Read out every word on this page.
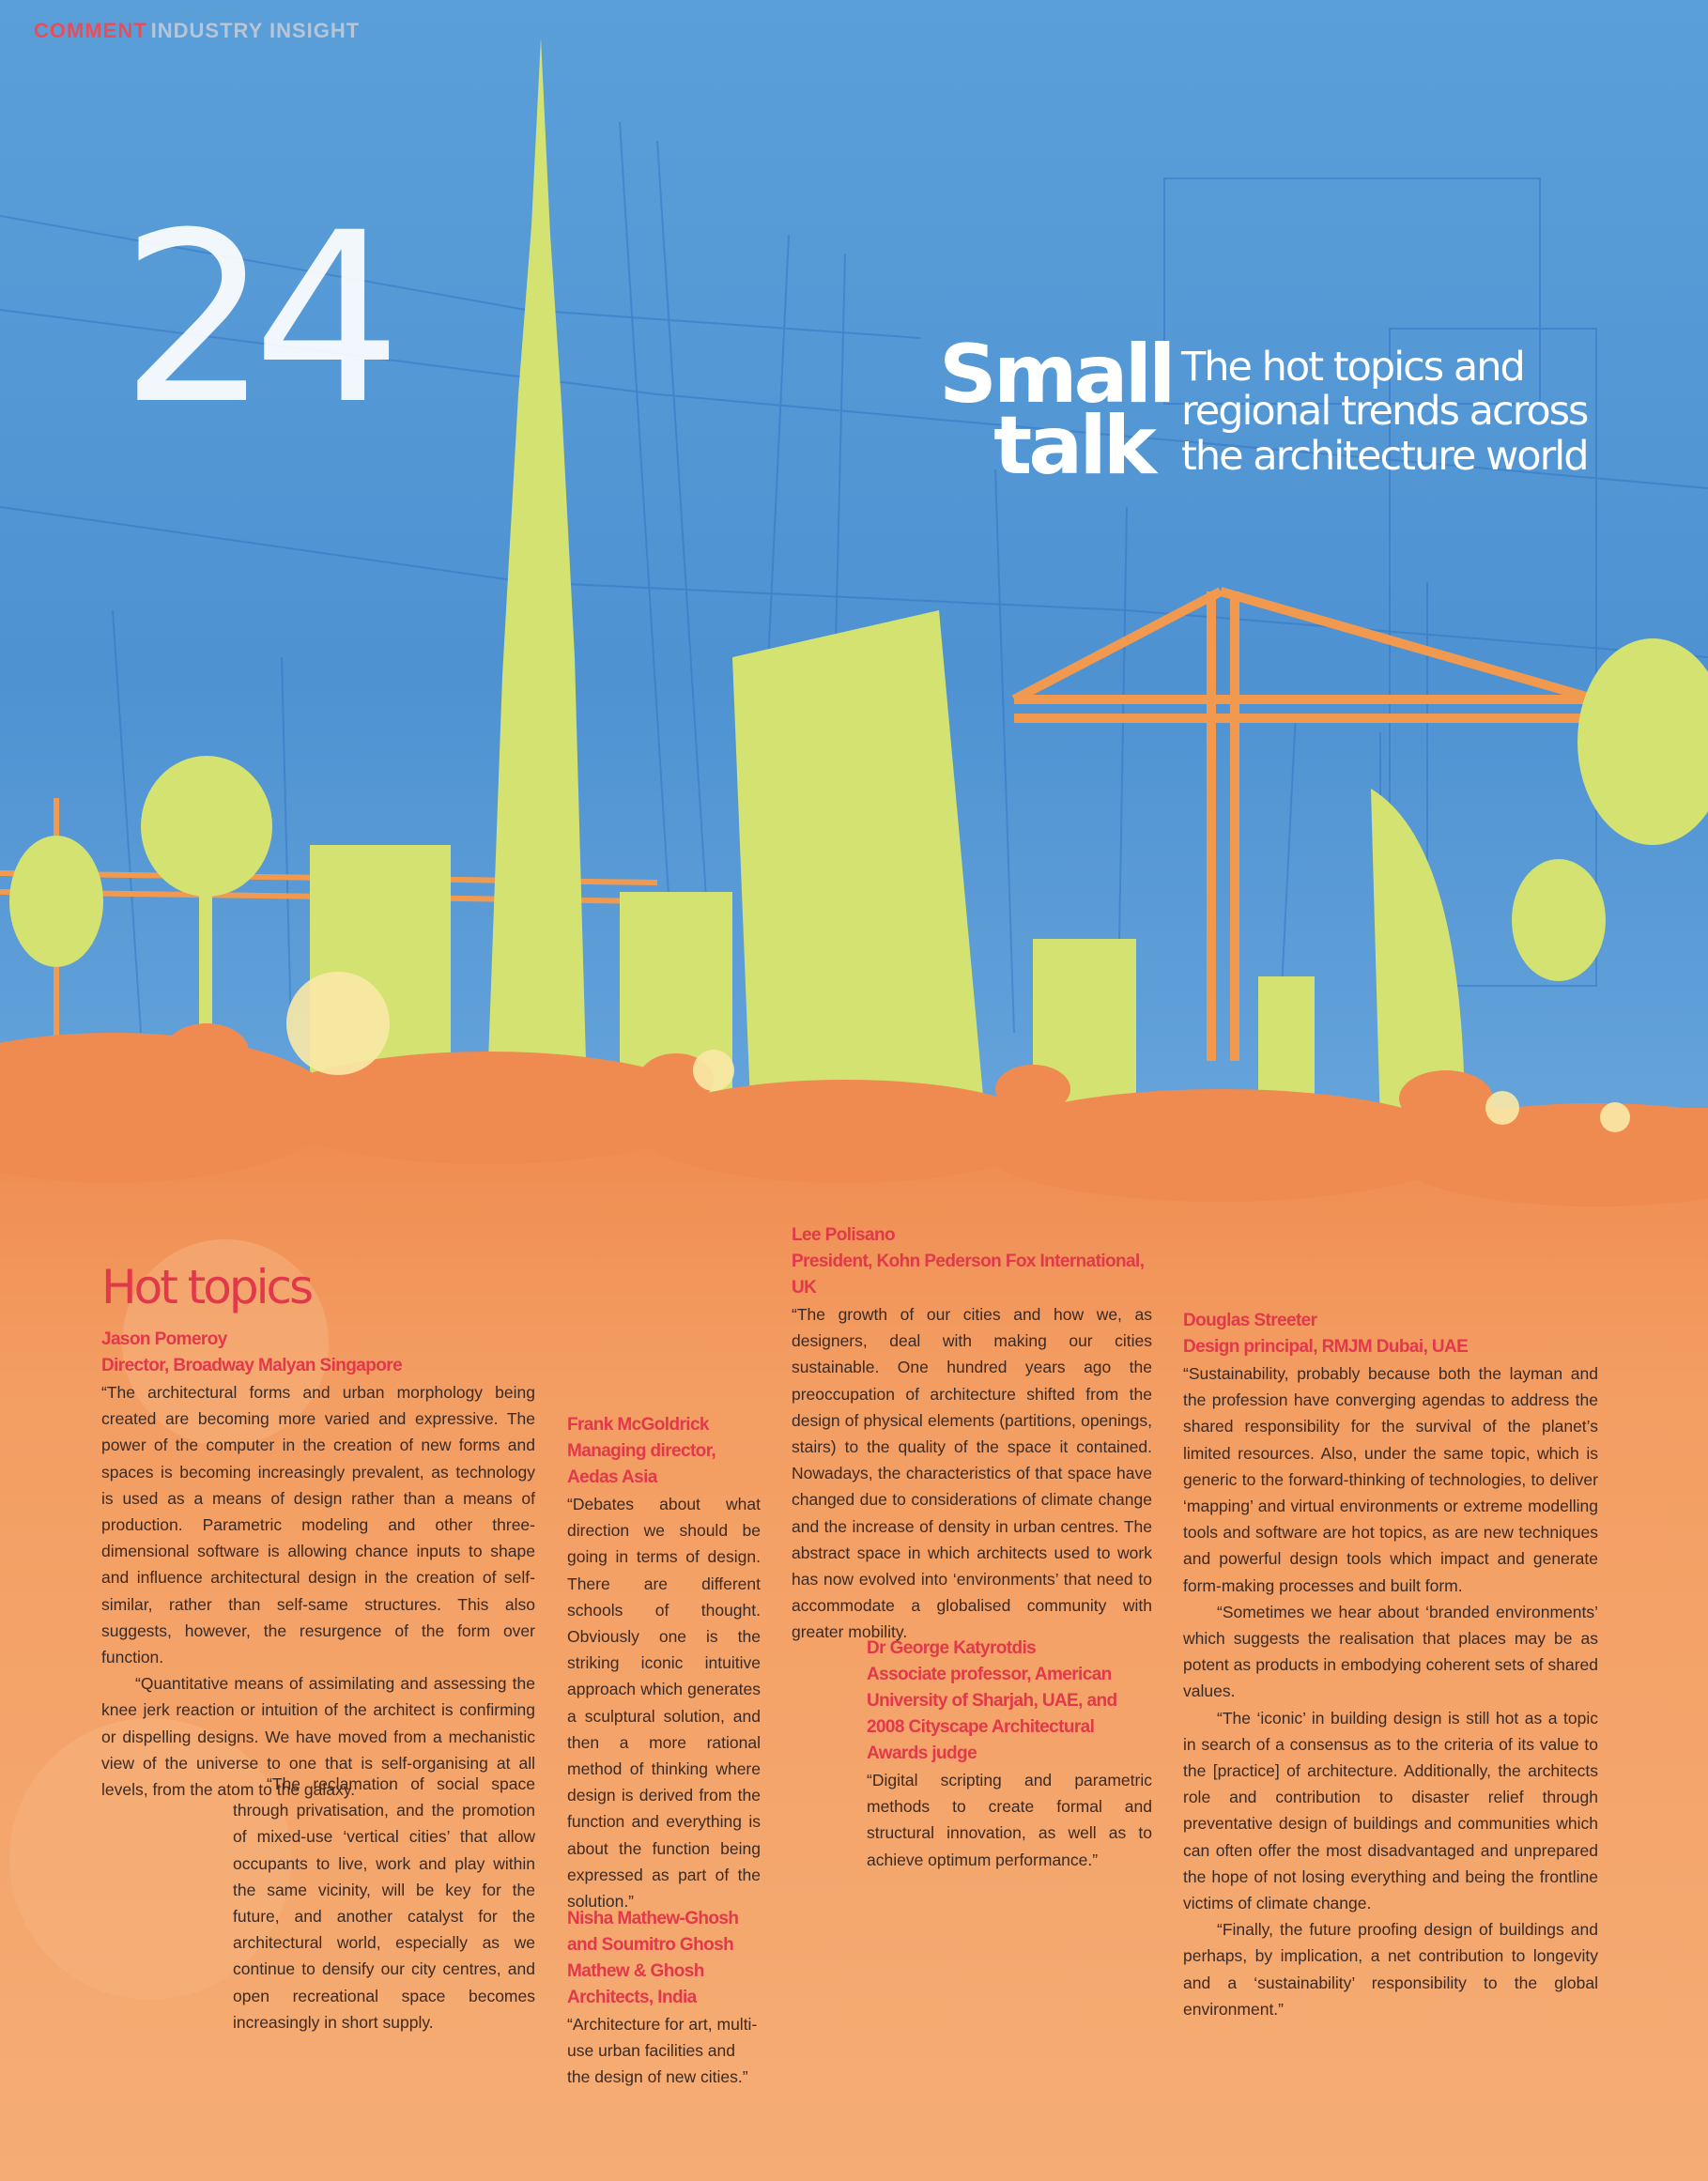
COMMENT INDUSTRY INSIGHT
24	Small
talk
The hot topics and
regional trends across
the architecture world
Hot topics
Jason Pomeroy
Director, Broadway Malyan Singapore

“The architectural forms and urban morphology being created are becoming more varied and expressive. The power of the computer in the creation of new forms and spaces is becoming increasingly prevalent, as technology is used as a means of design rather than a means of production. Parametric modeling and other three-dimensional software is allowing chance inputs to shape and influence architectural design in the creation of self-similar, rather than self-same structures. This also suggests, however, the resurgence of the form over function.

“Quantitative means of assimilating and assessing the knee jerk reaction or intuition of the architect is confirming or dispelling designs. We have moved from a mechanistic view of the universe to one that is self-organising at all levels, from the atom to the galaxy.

“The reclamation of social space through privatisation, and the promotion of mixed-use ‘vertical cities’ that allow occupants to live, work and play within the same vicinity, will be key for the future, and another catalyst for the architectural world, especially as we continue to densify our city centres, and open recreational space becomes increasingly in short supply.

Frank McGoldrick
Managing director, Aedas Asia

“Debates about what direction we should be going in terms of design. There are different schools of thought. Obviously one is the striking iconic intuitive approach which generates a sculptural solution, and then a more rational method of thinking where design is derived from the function and everything is about the function being expressed as part of the solution.”

Nisha Mathew-Ghosh and Soumitro Ghosh
Mathew & Ghosh Architects, India

“Architecture for art, multi-use urban facilities and the design of new cities.”

Lee Polisano
President, Kohn Pederson Fox International, UK

“The growth of our cities and how we, as designers, deal with making our cities sustainable. One hundred years ago the preoccupation of architecture shifted from the design of physical elements (partitions, openings, stairs) to the quality of the space it contained. Nowadays, the characteristics of that space have changed due to considerations of climate change and the increase of density in urban centres. The abstract space in which architects used to work has now evolved into ‘environments’ that need to accommodate a globalised community with greater mobility.

Dr George Katyrotdis
Associate professor, American University of Sharjah, UAE, and 2008 Cityscape Architectural Awards judge

“Digital scripting and parametric methods to create formal and structural innovation, as well as to achieve optimum performance.”

Douglas Streeter
Design principal, RMJM Dubai, UAE

“Sustainability, probably because both the layman and the profession have converging agendas to address the shared responsibility for the survival of the planet’s limited resources. Also, under the same topic, which is generic to the forward-thinking of technologies, to deliver ‘mapping’ and virtual environments or extreme modelling tools and software are hot topics, as are new techniques and powerful design tools which impact and generate form-making processes and built form.

“Sometimes we hear about ‘branded environments’ which suggests the realisation that places may be as potent as products in embodying coherent sets of shared values.

“The ‘iconic’ in building design is still hot as a topic in search of a consensus as to the criteria of its value to the [practice] of architecture. Additionally, the architects role and contribution to disaster relief through preventative design of buildings and communities which can often offer the most disadvantaged and unprepared the hope of not losing everything and being the frontline victims of climate change.

“Finally, the future proofing design of buildings and perhaps, by implication, a net contribution to longevity and a ‘sustainability’ responsibility to the global environment.”
